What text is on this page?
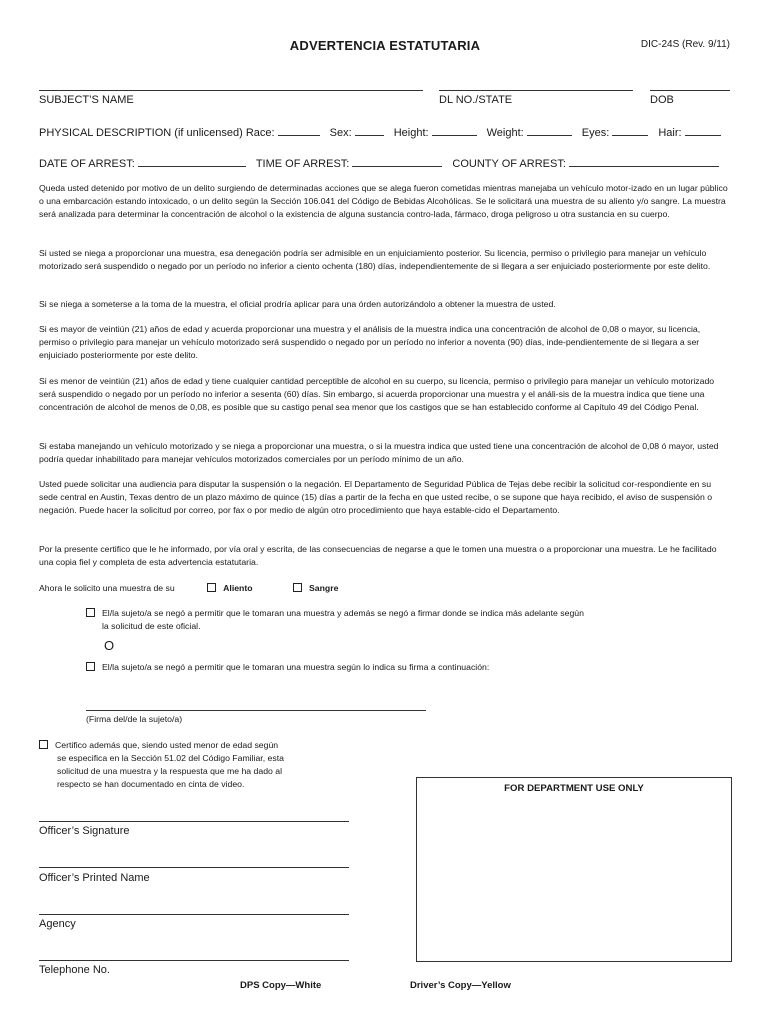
ADVERTENCIA ESTATUTARIA	DIC-24S (Rev. 9/11)
SUBJECT’S NAME	DL NO./STATE	DOB
PHYSICAL DESCRIPTION (if unlicensed) Race:	Sex:	Height:	Weight:	Eyes:	Hair:
DATE OF ARREST:	TIME OF ARREST:	COUNTY OF ARREST:

Queda usted detenido por motivo de un delito surgiendo de determinadas acciones que se alega fueron cometidas mientras manejaba un vehículo motor-izado en un lugar público o una embarcación estando intoxicado, o un delito según la Sección 106.041 del Código de Bebidas Alcohólicas. Se le solicitará una muestra de su aliento y/o sangre. La muestra será analizada para determinar la concentración de alcohol o la existencia de alguna sustancia contro-lada, fármaco, droga peligroso u otra sustancia en su cuerpo.

Si usted se niega a proporcionar una muestra, esa denegación podría ser admisible en un enjuiciamiento posterior. Su licencia, permiso o privilegio para manejar un vehículo motorizado será suspendido o negado por un período no inferior a ciento ochenta (180) días, independientemente de si llegara a ser enjuiciado posteriormente por este delito.

Si se niega a someterse a la toma de la muestra, el oficial prodría aplicar para una órden autorizándolo a obtener la muestra de usted.

Si es mayor de veintiún (21) años de edad y acuerda proporcionar una muestra y el análisis de la muestra indica una concentración de alcohol de 0,08 o mayor, su licencia, permiso o privilegio para manejar un vehículo motorizado será suspendido o negado por un período no inferior a noventa (90) días, inde-pendientemente de si llegara a ser enjuiciado posteriormente por este delito.

Si es menor de veintiún (21) años de edad y tiene cualquier cantidad perceptible de alcohol en su cuerpo, su licencia, permiso o privilegio para manejar un vehículo motorizado será suspendido o negado por un período no inferior a sesenta (60) días. Sin embargo, si acuerda proporcionar una muestra y el análi-sis de la muestra indica que tiene una concentración de alcohol de menos de 0,08, es posible que su castigo penal sea menor que los castigos que se han establecido conforme al Capítulo 49 del Código Penal.

Si estaba manejando un vehículo motorizado y se niega a proporcionar una muestra, o si la muestra indica que usted tiene una concentración de alcohol de 0,08 ó mayor, usted podría quedar inhabilitado para manejar vehículos motorizados comerciales por un período mínimo de un año.

Usted puede solicitar una audiencia para disputar la suspensión o la negación. El Departamento de Seguridad Pública de Tejas debe recibir la solicitud cor-respondiente en su sede central en Austin, Texas dentro de un plazo máximo de quince (15) días a partir de la fecha en que usted recibe, o se supone que haya recibido, el aviso de suspensión o negación. Puede hacer la solicitud por correo, por fax o por medio de algún otro procedimiento que haya estable-cido el Departamento.

Por la presente certifico que le he informado, por vía oral y escrita, de las consecuencias de negarse a que le tomen una muestra o a proporcionar una muestra. Le he facilitado una copia fiel y completa de esta advertencia estatutaria.

Ahora le solicito una muestra de su	Aliento	Sangre
El/la sujeto/a se negó a permitir que le tomaran una muestra y además se negó a firmar donde se indica más adelante según
la solicitud de este oficial.
O
El/la sujeto/a se negó a permitir que le tomaran una muestra según lo indica su firma a continuación:
(Firma del/de la sujeto/a)
Certifico además que, siendo usted menor de edad según
se especifica en la Sección 51.02 del Código Familiar, esta
solicitud de una muestra y la respuesta que me ha dado al
respecto se han documentado en cinta de video.
Officer’s Signature
Officer’s Printed Name
Agency
Telephone No.
FOR DEPARTMENT USE ONLY
DPS Copy—White	Driver’s Copy—Yellow
